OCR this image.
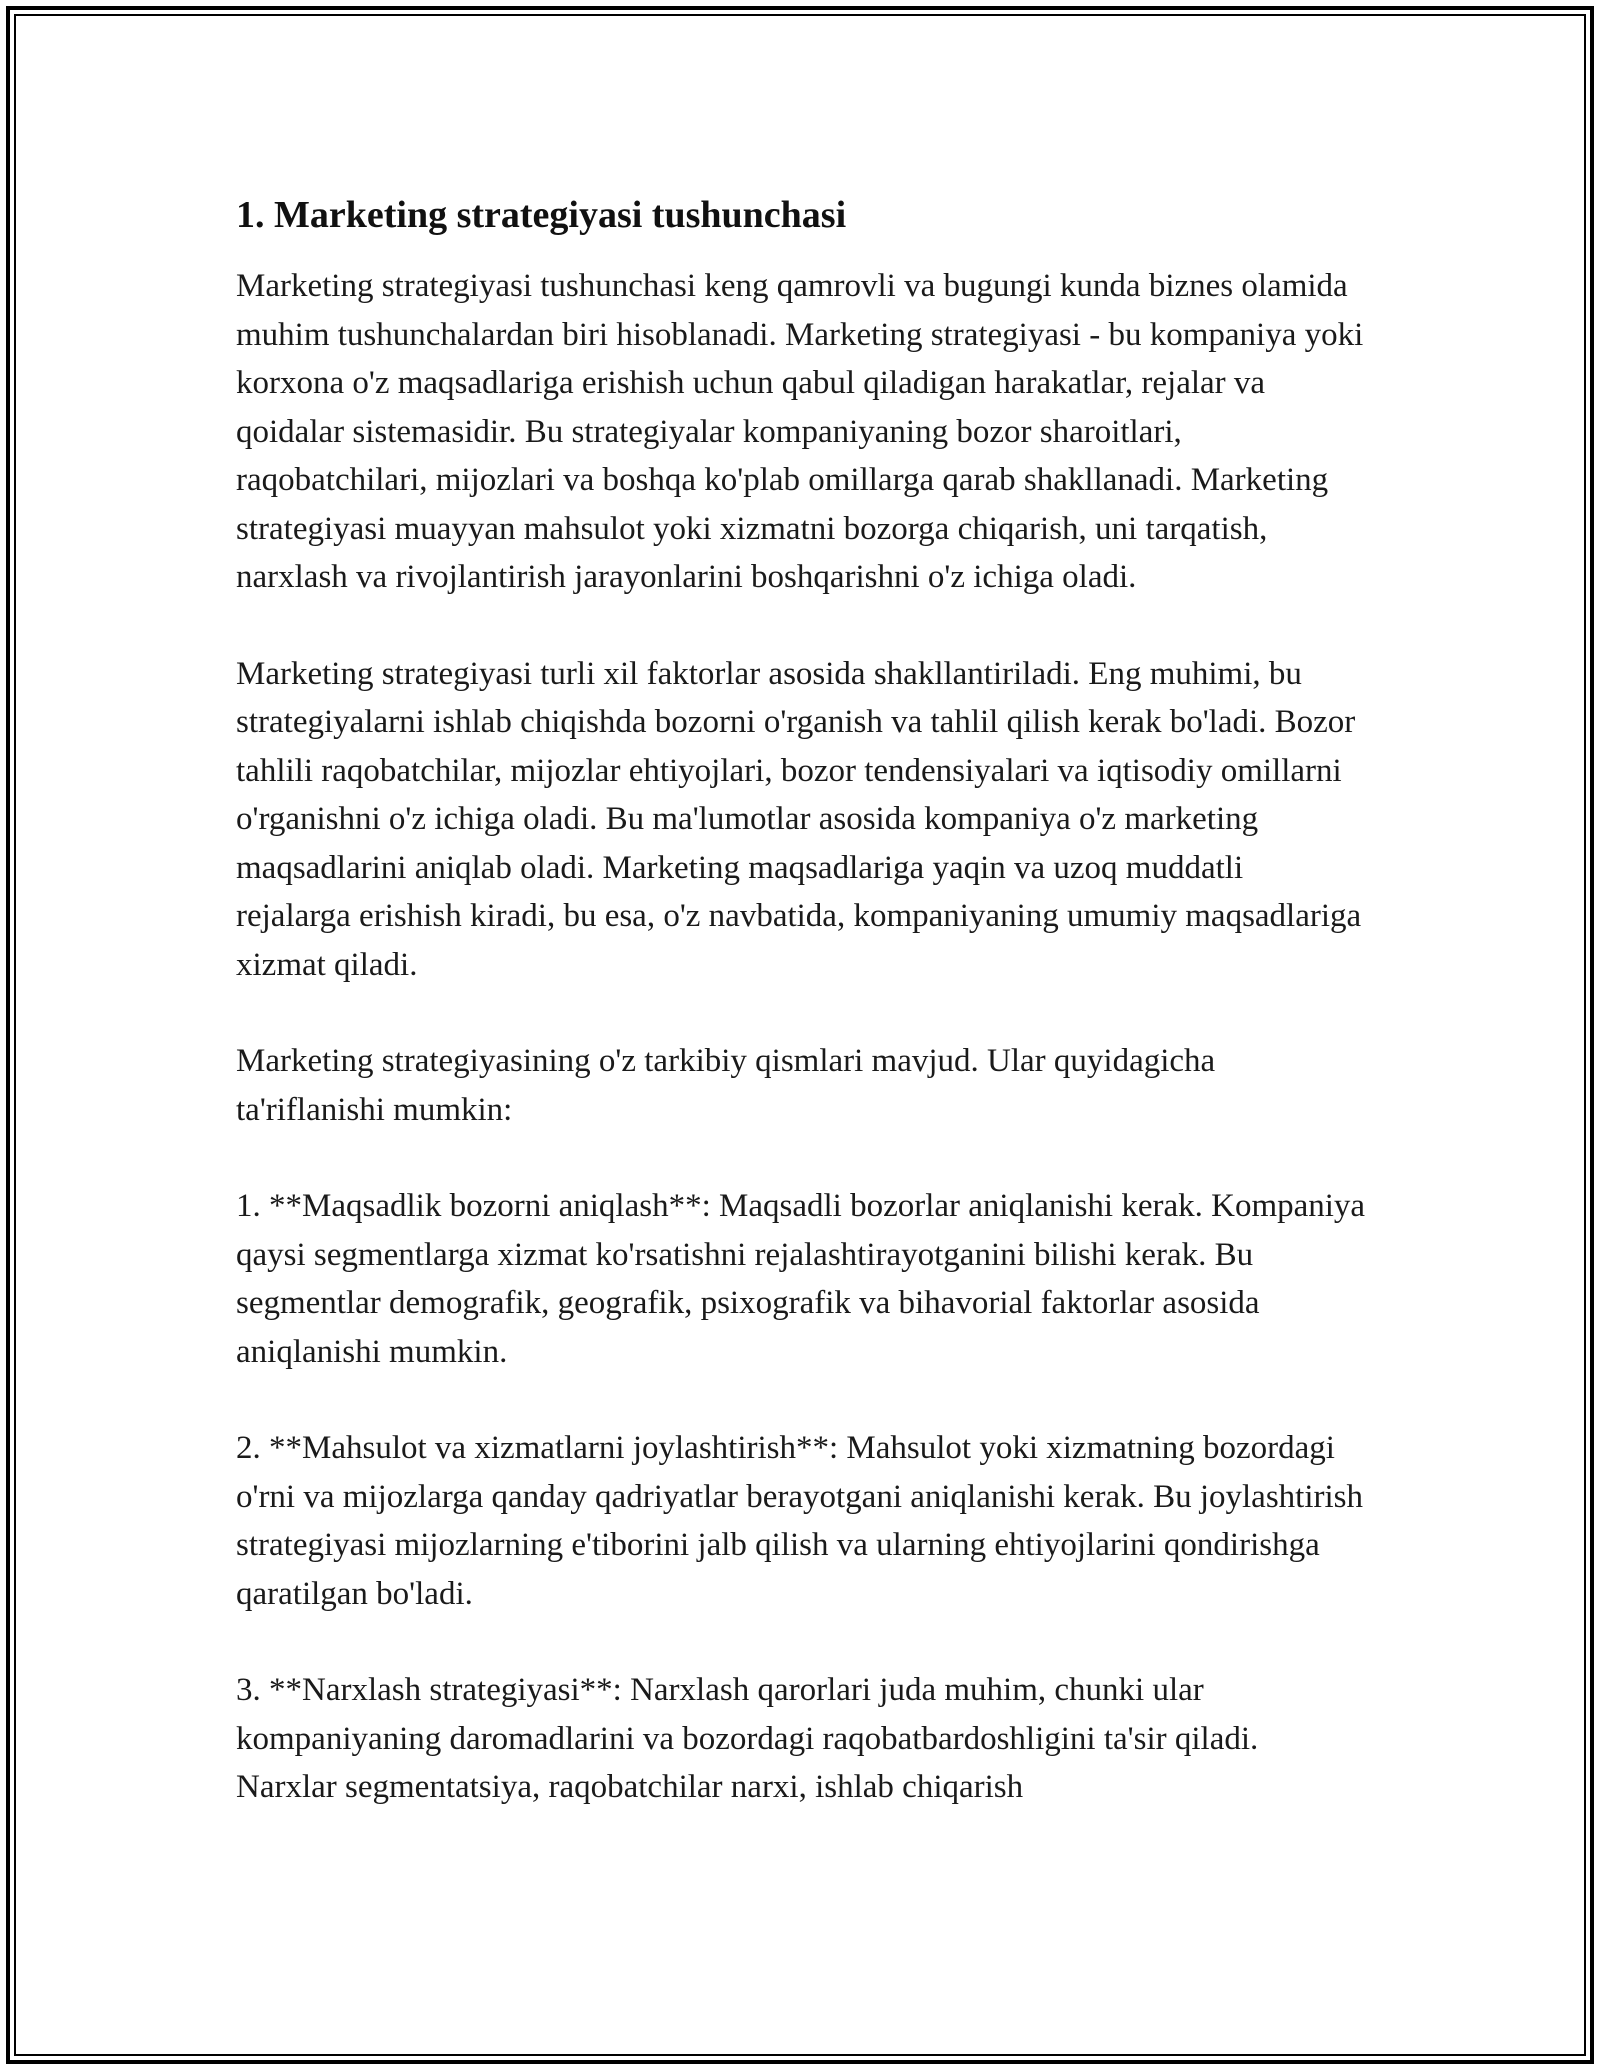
1. Marketing strategiyasi tushunchasi

Marketing strategiyasi tushunchasi keng qamrovli va bugungi kunda biznes olamida muhim tushunchalardan biri hisoblanadi. Marketing strategiyasi - bu kompaniya yoki korxona o'z maqsadlariga erishish uchun qabul qiladigan harakatlar, rejalar va qoidalar sistemasidir. Bu strategiyalar kompaniyaning bozor sharoitlari, raqobatchilari, mijozlari va boshqa ko'plab omillarga qarab shakllanadi. Marketing strategiyasi muayyan mahsulot yoki xizmatni bozorga chiqarish, uni tarqatish, narxlash va rivojlantirish jarayonlarini boshqarishni o'z ichiga oladi.

Marketing strategiyasi turli xil faktorlar asosida shakllantiriladi. Eng muhimi, bu strategiyalarni ishlab chiqishda bozorni o'rganish va tahlil qilish kerak bo'ladi. Bozor tahlili raqobatchilar, mijozlar ehtiyojlari, bozor tendensiyalari va iqtisodiy omillarni o'rganishni o'z ichiga oladi. Bu ma'lumotlar asosida kompaniya o'z marketing maqsadlarini aniqlab oladi. Marketing maqsadlariga yaqin va uzoq muddatli rejalarga erishish kiradi, bu esa, o'z navbatida, kompaniyaning umumiy maqsadlariga xizmat qiladi.

Marketing strategiyasining o'z tarkibiy qismlari mavjud. Ular quyidagicha ta'riflanishi mumkin:

1. **Maqsadlik bozorni aniqlash**: Maqsadli bozorlar aniqlanishi kerak. Kompaniya qaysi segmentlarga xizmat ko'rsatishni rejalashtirayotganini bilishi kerak. Bu segmentlar demografik, geografik, psixografik va bihavorial faktorlar asosida aniqlanishi mumkin.

2. **Mahsulot va xizmatlarni joylashtirish**: Mahsulot yoki xizmatning bozordagi o'rni va mijozlarga qanday qadriyatlar berayotgani aniqlanishi kerak. Bu joylashtirish strategiyasi mijozlarning e'tiborini jalb qilish va ularning ehtiyojlarini qondirishga qaratilgan bo'ladi.

3. **Narxlash strategiyasi**: Narxlash qarorlari juda muhim, chunki ular kompaniyaning daromadlarini va bozordagi raqobatbardoshligini ta'sir qiladi. Narxlar segmentatsiya, raqobatchilar narxi, ishlab chiqarish
